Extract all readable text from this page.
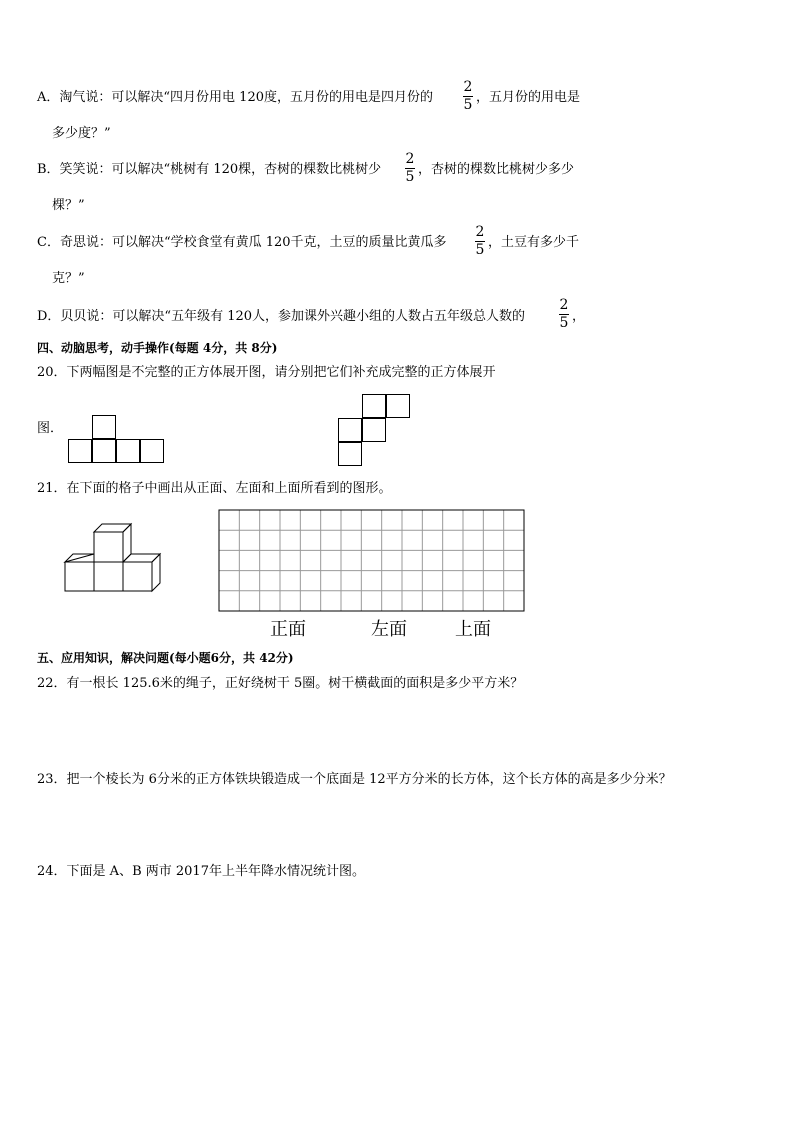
A．淘气说：可以解决“四月份用电 120度，五月份的用电是四月份的
2
5 ，五月份的用电是
多少度？”
B．笑笑说：可以解决“桃树有 120棵，杏树的棵数比桃树少
2
5 ，杏树的棵数比桃树少多少
棵？”
C．奇思说：可以解决“学校食堂有黄瓜 120千克，土豆的质量比黄瓜多
2
5 ，土豆有多少千
克？”
D．贝贝说：可以解决“五年级有 120人，参加课外兴趣小组的人数占五年级总人数的
2
5 ，
四、动脑思考，动手操作(每题 4分，共 8分)
20．下两幅图是不完整的正方体展开图，请分别把它们补充成完整的正方体展开
图．
21．在下面的格子中画出从正面、左面和上面所看到的图形。
正面	左面	上面
五、应用知识，解决问题(每小题6分，共 42分)
22．有一根长 125.6米的绳子，正好绕树干 5圈。树干横截面的面积是多少平方米？
23．把一个棱长为 6分米的正方体铁块锻造成一个底面是 12平方分米的长方体，这个长方体的高是多少分米？
24．下面是 A、B 两市 2017年上半年降水情况统计图。
